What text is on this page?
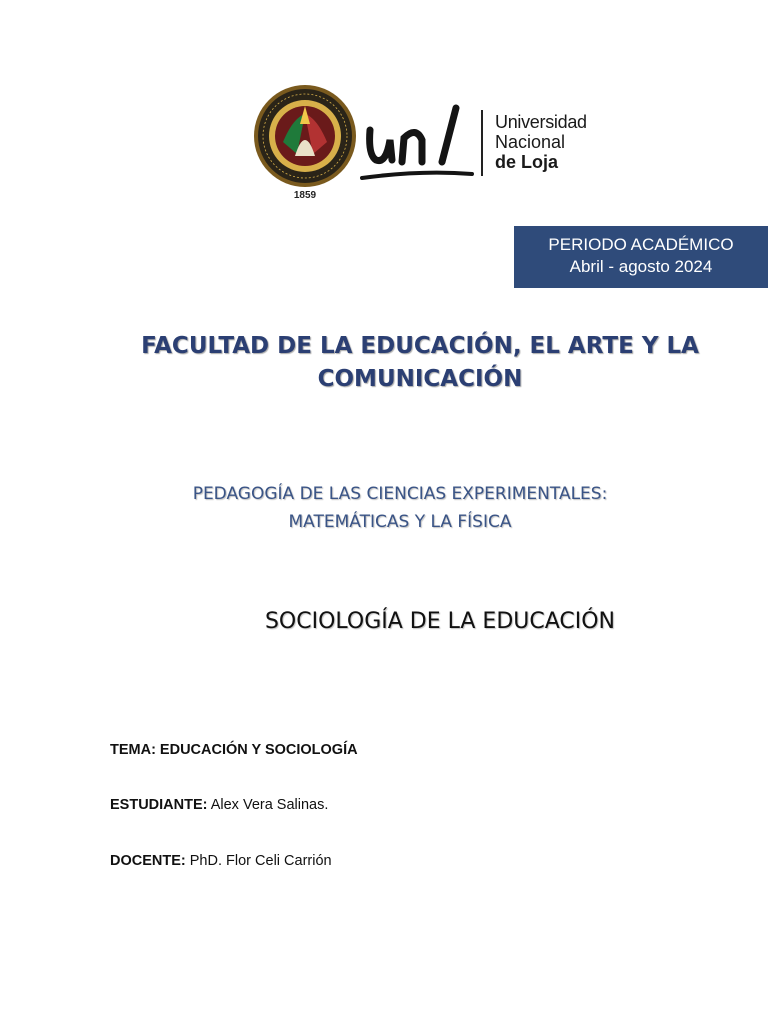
1859
Universidad
Nacional
de Loja
PERIODO ACADÉMICO
Abril - agosto 2024
FACULTAD DE LA EDUCACIÓN, EL ARTE Y LA
COMUNICACIÓN
PEDAGOGÍA DE LAS CIENCIAS EXPERIMENTALES:
MATEMÁTICAS Y LA FÍSICA
SOCIOLOGÍA DE LA EDUCACIÓN
TEMA: EDUCACIÓN Y SOCIOLOGÍA
ESTUDIANTE: Alex Vera Salinas.
DOCENTE: PhD. Flor Celi Carrión
